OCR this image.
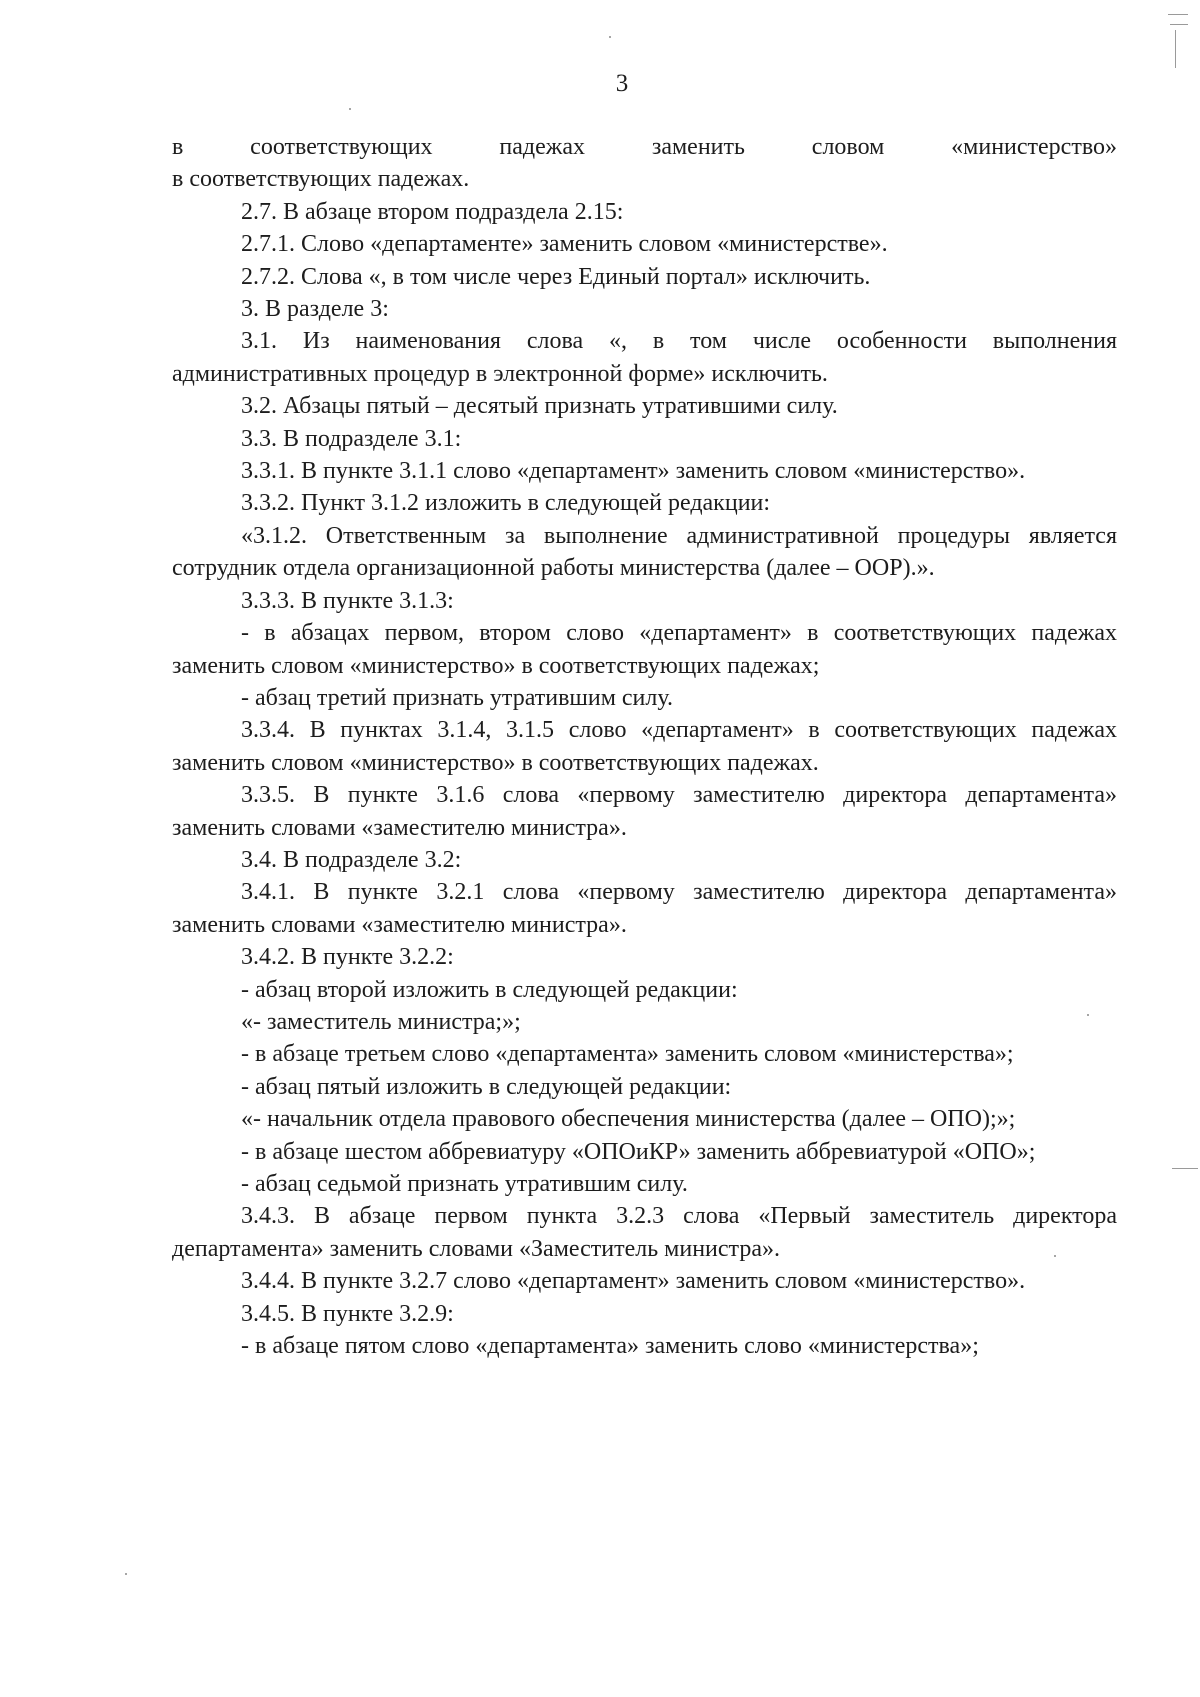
3

в соответствующих падежах заменить словом «министерство»

в соответствующих падежах.

2.7. В абзаце втором подраздела 2.15:

2.7.1. Слово «департаменте» заменить словом «министерстве».

2.7.2. Слова «, в том числе через Единый портал» исключить.

3. В разделе 3:

3.1. Из наименования слова «, в том числе особенности выполнения административных процедур в электронной форме» исключить.

3.2. Абзацы пятый – десятый признать утратившими силу.

3.3. В подразделе 3.1:

3.3.1. В пункте 3.1.1 слово «департамент» заменить словом «министерство».

3.3.2. Пункт 3.1.2 изложить в следующей редакции:

«3.1.2. Ответственным за выполнение административной процедуры является сотрудник отдела организационной работы министерства (далее – ООР).».

3.3.3. В пункте 3.1.3:

- в абзацах первом, втором слово «департамент» в соответствующих падежах заменить словом «министерство» в соответствующих падежах;

- абзац третий признать утратившим силу.

3.3.4. В пунктах 3.1.4, 3.1.5 слово «департамент» в соответствующих падежах заменить словом «министерство» в соответствующих падежах.

3.3.5. В пункте 3.1.6 слова «первому заместителю директора департамента» заменить словами «заместителю министра».

3.4. В подразделе 3.2:

3.4.1. В пункте 3.2.1 слова «первому заместителю директора департамента» заменить словами «заместителю министра».

3.4.2. В пункте 3.2.2:

- абзац второй изложить в следующей редакции:

«- заместитель министра;»;

- в абзаце третьем слово «департамента» заменить словом «министерства»;

- абзац пятый изложить в следующей редакции:

«- начальник отдела правового обеспечения министерства (далее – ОПО);»;

- в абзаце шестом аббревиатуру «ОПОиКР» заменить аббревиатурой «ОПО»;

- абзац седьмой признать утратившим силу.

3.4.3. В абзаце первом пункта 3.2.3 слова «Первый заместитель директора департамента» заменить словами «Заместитель министра».

3.4.4. В пункте 3.2.7 слово «департамент» заменить словом «министерство».

3.4.5. В пункте 3.2.9:

- в абзаце пятом слово «департамента» заменить слово «министерства»;
